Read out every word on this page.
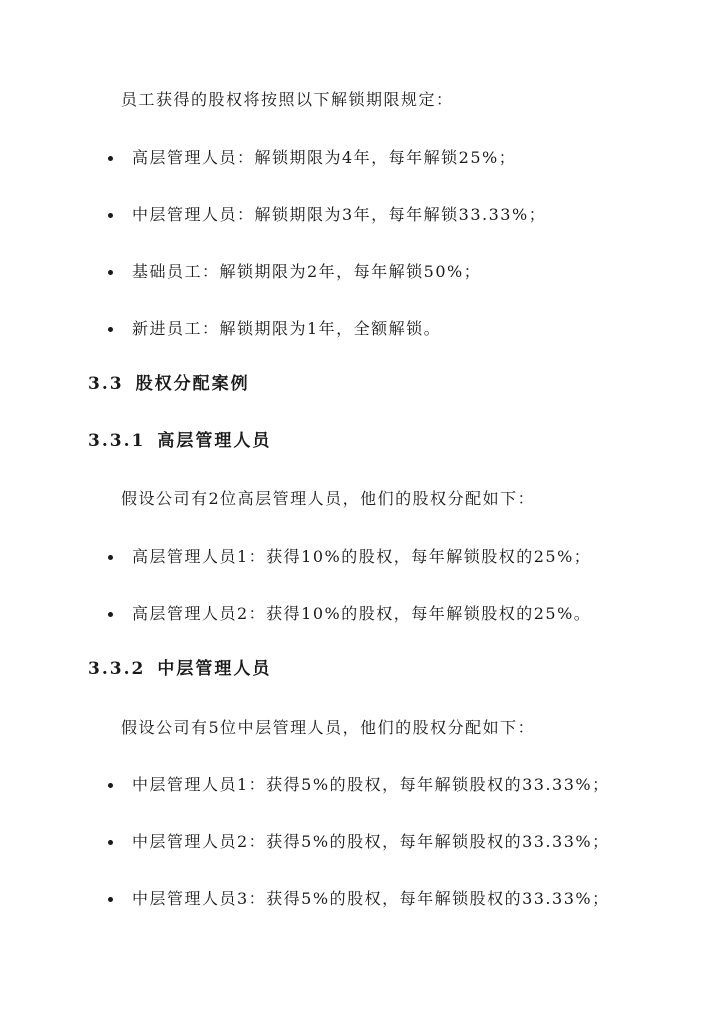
员工获得的股权将按照以下解锁期限规定：
高层管理人员：解锁期限为4年，每年解锁25%；
中层管理人员：解锁期限为3年，每年解锁33.33%；
基础员工：解锁期限为2年，每年解锁50%；
新进员工：解锁期限为1年，全额解锁。
3.3 股权分配案例
3.3.1 高层管理人员
假设公司有2位高层管理人员，他们的股权分配如下：
高层管理人员1：获得10%的股权，每年解锁股权的25%；
高层管理人员2：获得10%的股权，每年解锁股权的25%。
3.3.2 中层管理人员
假设公司有5位中层管理人员，他们的股权分配如下：
中层管理人员1：获得5%的股权，每年解锁股权的33.33%；
中层管理人员2：获得5%的股权，每年解锁股权的33.33%；
中层管理人员3：获得5%的股权，每年解锁股权的33.33%；
